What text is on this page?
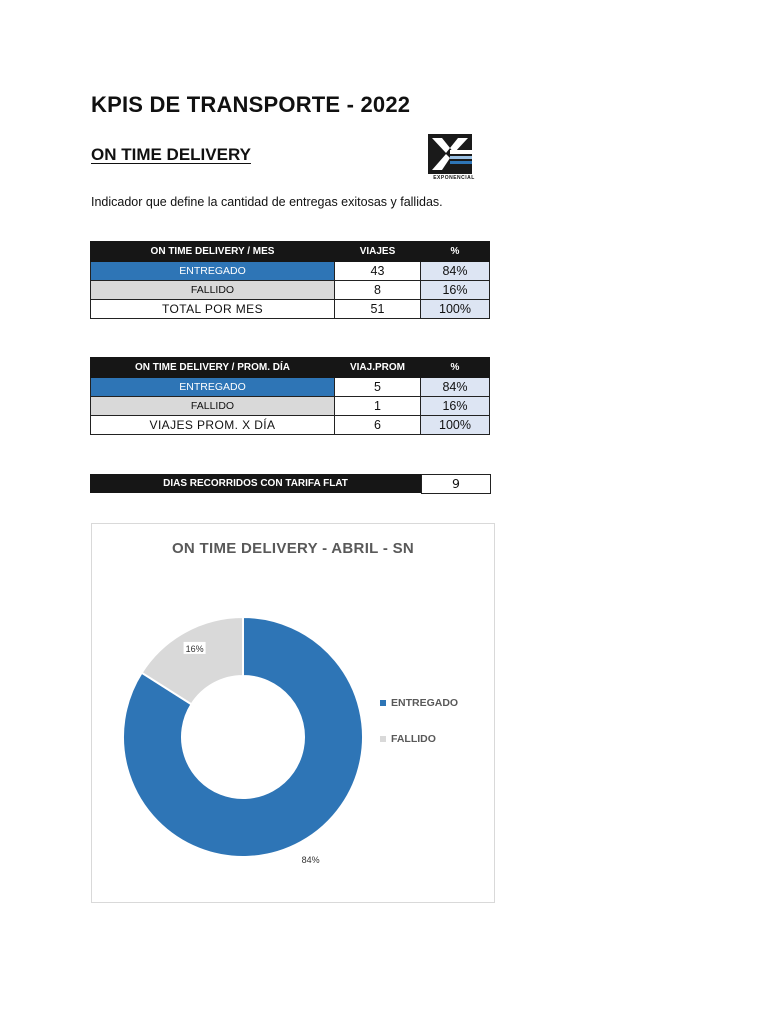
KPIS DE TRANSPORTE - 2022
ON TIME DELIVERY
Indicador que define la cantidad de entregas exitosas y fallidas.
EXPONENCIAL
ON TIME DELIVERY / MES	VIAJES	%
ENTREGADO	43	84%
FALLIDO	8	16%
TOTAL POR MES	51	100%
ON TIME DELIVERY / PROM. DÍA	VIAJ.PROM	%
ENTREGADO	5	84%
FALLIDO	1	16%
VIAJES PROM. X DÍA	6	100%
DIAS RECORRIDOS CON TARIFA FLAT	9
ON TIME DELIVERY - ABRIL - SN
84%
16%
ENTREGADO
FALLIDO
